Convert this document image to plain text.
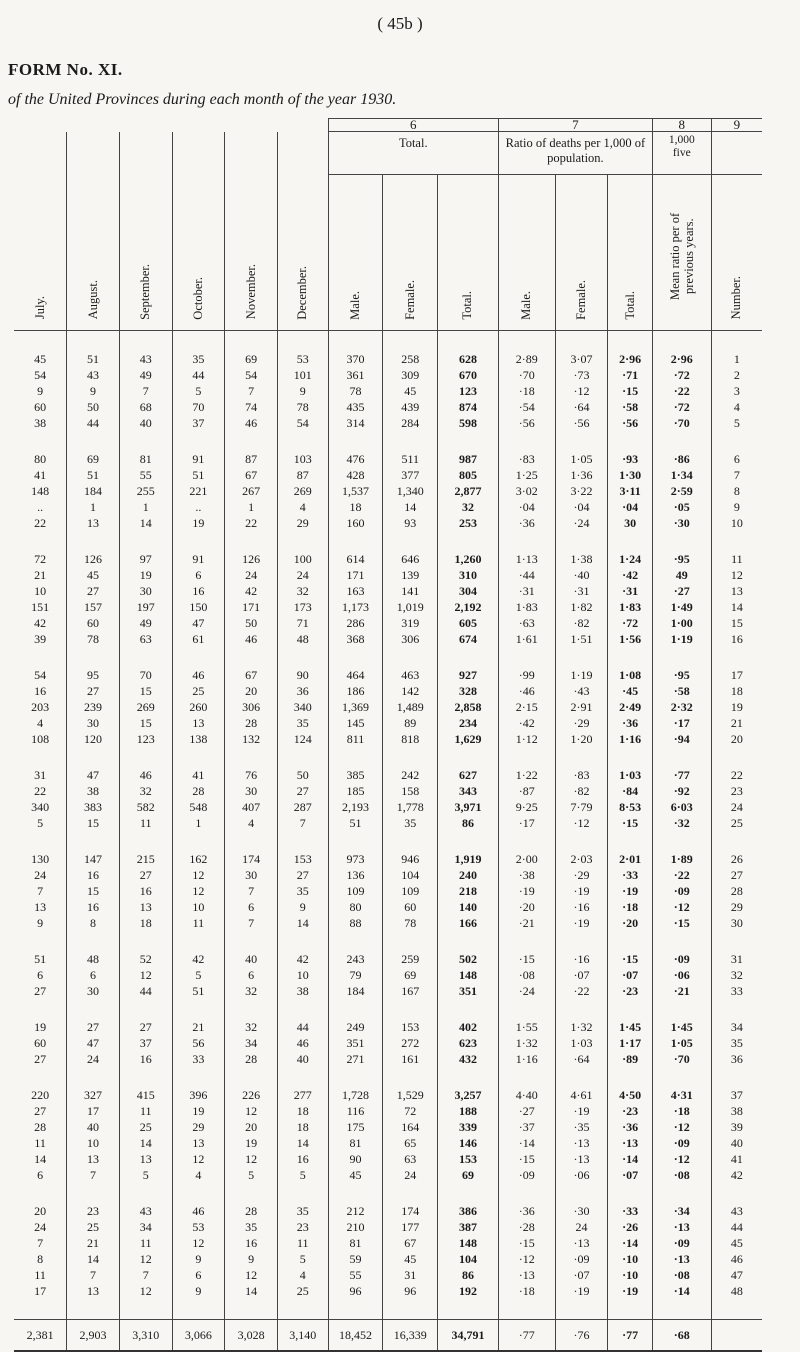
( 45b )
FORM No. XI.
of the United Provinces during each month of the year 1930.
						6			7			8	9
July.	August.	September.	October.	November.	December.	Total.			Ratio of deaths per 1,000 of population.			1,000
five	
						Male.	Female.	Total.	Male.	Female.	Total.	Mean ratio per of previous years.	Number.

45	51	43	35	69	53	370	258	628	2·89	3·07	2·96	2·96	1
54	43	49	44	54	101	361	309	670	·70	·73	·71	·72	2
9	9	7	5	7	9	78	45	123	·18	·12	·15	·22	3
60	50	68	70	74	78	435	439	874	·54	·64	·58	·72	4
38	44	40	37	46	54	314	284	598	·56	·56	·56	·70	5

80	69	81	91	87	103	476	511	987	·83	1·05	·93	·86	6
41	51	55	51	67	87	428	377	805	1·25	1·36	1·30	1·34	7
148	184	255	221	267	269	1,537	1,340	2,877	3·02	3·22	3·11	2·59	8
..	1	1	..	1	4	18	14	32	·04	·04	·04	·05	9
22	13	14	19	22	29	160	93	253	·36	·24	30	·30	10

72	126	97	91	126	100	614	646	1,260	1·13	1·38	1·24	·95	11
21	45	19	6	24	24	171	139	310	·44	·40	·42	49	12
10	27	30	16	42	32	163	141	304	·31	·31	·31	·27	13
151	157	197	150	171	173	1,173	1,019	2,192	1·83	1·82	1·83	1·49	14
42	60	49	47	50	71	286	319	605	·63	·82	·72	1·00	15
39	78	63	61	46	48	368	306	674	1·61	1·51	1·56	1·19	16

54	95	70	46	67	90	464	463	927	·99	1·19	1·08	·95	17
16	27	15	25	20	36	186	142	328	·46	·43	·45	·58	18
203	239	269	260	306	340	1,369	1,489	2,858	2·15	2·91	2·49	2·32	19
4	30	15	13	28	35	145	89	234	·42	·29	·36	·17	21
108	120	123	138	132	124	811	818	1,629	1·12	1·20	1·16	·94	20

31	47	46	41	76	50	385	242	627	1·22	·83	1·03	·77	22
22	38	32	28	30	27	185	158	343	·87	·82	·84	·92	23
340	383	582	548	407	287	2,193	1,778	3,971	9·25	7·79	8·53	6·03	24
5	15	11	1	4	7	51	35	86	·17	·12	·15	·32	25

130	147	215	162	174	153	973	946	1,919	2·00	2·03	2·01	1·89	26
24	16	27	12	30	27	136	104	240	·38	·29	·33	·22	27
7	15	16	12	7	35	109	109	218	·19	·19	·19	·09	28
13	16	13	10	6	9	80	60	140	·20	·16	·18	·12	29
9	8	18	11	7	14	88	78	166	·21	·19	·20	·15	30

51	48	52	42	40	42	243	259	502	·15	·16	·15	·09	31
6	6	12	5	6	10	79	69	148	·08	·07	·07	·06	32
27	30	44	51	32	38	184	167	351	·24	·22	·23	·21	33

19	27	27	21	32	44	249	153	402	1·55	1·32	1·45	1·45	34
60	47	37	56	34	46	351	272	623	1·32	1·03	1·17	1·05	35
27	24	16	33	28	40	271	161	432	1·16	·64	·89	·70	36

220	327	415	396	226	277	1,728	1,529	3,257	4·40	4·61	4·50	4·31	37
27	17	11	19	12	18	116	72	188	·27	·19	·23	·18	38
28	40	25	29	20	18	175	164	339	·37	·35	·36	·12	39
11	10	14	13	19	14	81	65	146	·14	·13	·13	·09	40
14	13	13	12	12	16	90	63	153	·15	·13	·14	·12	41
6	7	5	4	5	5	45	24	69	·09	·06	·07	·08	42

20	23	43	46	28	35	212	174	386	·36	·30	·33	·34	43
24	25	34	53	35	23	210	177	387	·28	24	·26	·13	44
7	21	11	12	16	11	81	67	148	·15	·13	·14	·09	45
8	14	12	9	9	5	59	45	104	·12	·09	·10	·13	46
11	7	7	6	12	4	55	31	86	·13	·07	·10	·08	47
17	13	12	9	14	25	96	96	192	·18	·19	·19	·14	48

2,381	2,903	3,310	3,066	3,028	3,140	18,452	16,339	34,791	·77	·76	·77	·68	
